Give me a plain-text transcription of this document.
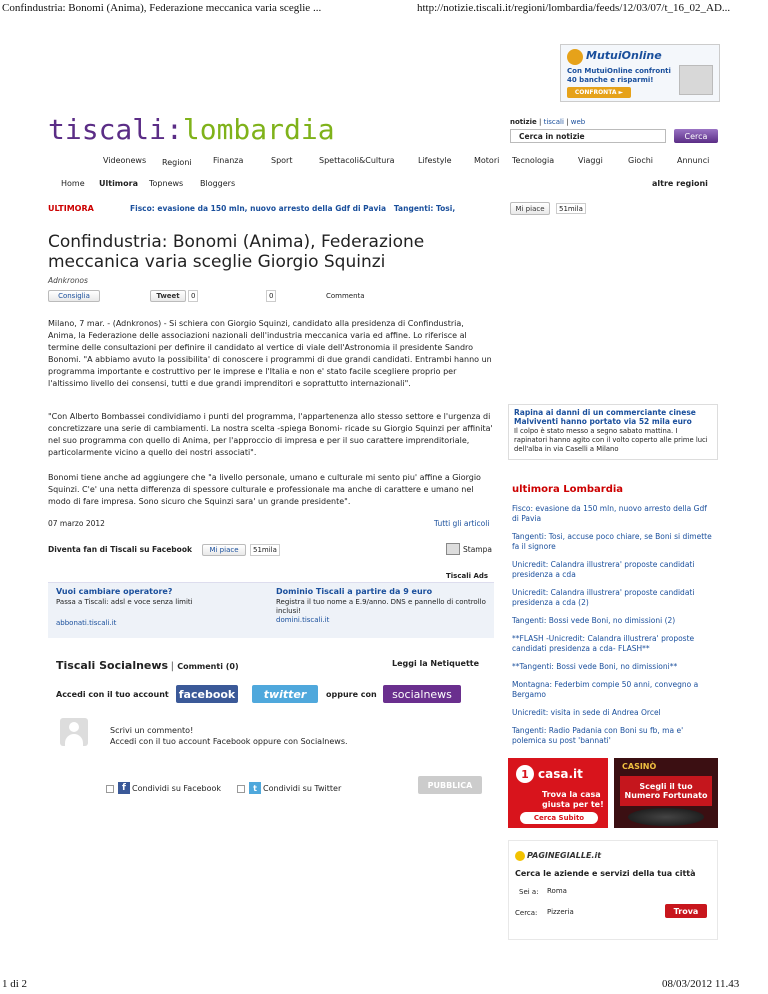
Confindustria: Bonomi (Anima), Federazione meccanica varia sceglie ...	http://notizie.tiscali.it/regioni/lombardia/feeds/12/03/07/t_16_02_AD...
MutuiOnline
Con MutuiOnline confronti
40 banche e risparmi!
CONFRONTA ►
tiscali:lombardia	notizie | tiscali | web
Cerca in notizie	Cerca
Videonews Regioni	Finanza	Sport	Spettacoli&Cultura	Lifestyle	Motori Tecnologia	Viaggi	Giochi	Annunci
Home Ultimora Topnews Bloggers	altre regioni
ULTIMORA	Fisco: evasione da 150 mln, nuovo arresto della Gdf di Pavia Tangenti: Tosi,	Mi piace	51mila
Confindustria: Bonomi (Anima), Federazione meccanica varia sceglie Giorgio Squinzi
Adnkronos
Consiglia	Tweet	0	0	Commenta

Milano, 7 mar. - (Adnkronos) - Si schiera con Giorgio Squinzi, candidato alla presidenza di Confindustria, Anima, la Federazione delle associazioni nazionali dell'industria meccanica varia ed affine. Lo riferisce al termine delle consultazioni per definire il candidato al vertice di viale dell'Astronomia il presidente Sandro Bonomi. "A abbiamo avuto la possibilita' di conoscere i programmi di due grandi candidati. Entrambi hanno un programma importante e costruttivo per le imprese e l'Italia e non e' stato facile scegliere proprio per l'altissimo livello dei consensi, tutti e due grandi imprenditori e soprattutto internazionali".

"Con Alberto Bombassei condividiamo i punti del programma, l'appartenenza allo stesso settore e l'urgenza di concretizzare una serie di cambiamenti. La nostra scelta -spiega Bonomi- ricade su Giorgio Squinzi per affinita' nel suo programma con quello di Anima, per l'approccio di impresa e per il suo carattere imprenditoriale, particolarmente vicino a quello dei nostri associati".

Bonomi tiene anche ad aggiungere che "a livello personale, umano e culturale mi sento piu' affine a Giorgio Squinzi. C'e' una netta differenza di spessore culturale e professionale ma anche di carattere e umano nel modo di fare impresa. Sono sicuro che Squinzi sara' un grande presidente".

07 marzo 2012	Tutti gli articoli
Diventa fan di Tiscali su Facebook	Mi piace	51mila	Stampa
Tiscali Ads
Vuoi cambiare operatore?
Passa a Tiscali: adsl e voce senza limiti
abbonati.tiscali.it
Dominio Tiscali a partire da 9 euro
Registra il tuo nome a E.9/anno. DNS e pannello di controllo inclusi!
domini.tiscali.it
Tiscali Socialnews | Commenti (0)	Leggi la Netiquette
Accedi con il tuo account facebook	twitter	oppure con	socialnews
Scrivi un commento!
Accedi con il tuo account Facebook oppure con Socialnews.
f Condividi su Facebook	t Condividi su Twitter	PUBBLICA
Rapina ai danni di un commerciante cinese Malviventi hanno portato via 52 mila euro
Il colpo è stato messo a segno sabato mattina. I rapinatori hanno agito con il volto coperto alle prime luci dell'alba in via Caselli a Milano
ultimora Lombardia
Fisco: evasione da 150 mln, nuovo arresto della Gdf di Pavia
Tangenti: Tosi, accuse poco chiare, se Boni si dimette fa il signore
Unicredit: Calandra illustrera' proposte candidati presidenza a cda
Unicredit: Calandra illustrera' proposte candidati presidenza a cda (2)
Tangenti: Bossi vede Boni, no dimissioni (2)
**FLASH -Unicredit: Calandra illustrera' proposte candidati presidenza a cda- FLASH**
**Tangenti: Bossi vede Boni, no dimissioni**
Montagna: Federbim compie 50 anni, convegno a Bergamo
Unicredit: visita in sede di Andrea Orcel
Tangenti: Radio Padania con Boni su fb, ma e' polemica su post 'bannati'
1 casa.it
Trova la casa
giusta per te!
Cerca Subito
CASINÒ
Scegli il tuo
Numero Fortunato
PAGINEGIALLE.it
Cerca le aziende e servizi della tua città
Sei a: Roma
Cerca: Pizzeria	Trova
1 di 2	08/03/2012 11.43
